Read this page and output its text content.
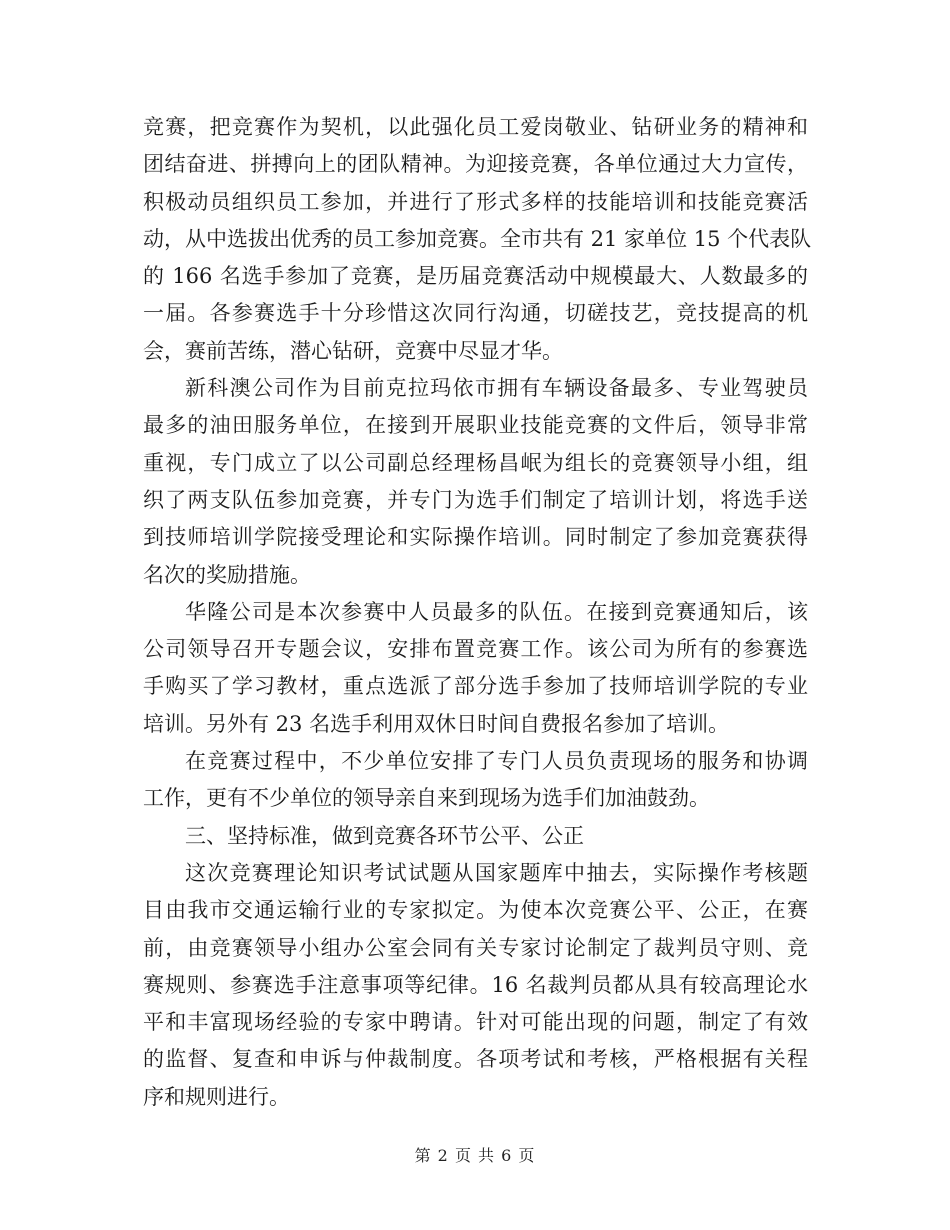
竞赛，把竞赛作为契机，以此强化员工爱岗敬业、钻研业务的精神和
团结奋进、拼搏向上的团队精神。为迎接竞赛，各单位通过大力宣传，
积极动员组织员工参加，并进行了形式多样的技能培训和技能竞赛活
动，从中选拔出优秀的员工参加竞赛。全市共有 21 家单位 15 个代表队
的 166 名选手参加了竞赛，是历届竞赛活动中规模最大、人数最多的
一届。各参赛选手十分珍惜这次同行沟通，切磋技艺，竞技提高的机
会，赛前苦练，潜心钻研，竞赛中尽显才华。
新科澳公司作为目前克拉玛依市拥有车辆设备最多、专业驾驶员
最多的油田服务单位，在接到开展职业技能竞赛的文件后，领导非常
重视，专门成立了以公司副总经理杨昌岷为组长的竞赛领导小组，组
织了两支队伍参加竞赛，并专门为选手们制定了培训计划，将选手送
到技师培训学院接受理论和实际操作培训。同时制定了参加竞赛获得
名次的奖励措施。
华隆公司是本次参赛中人员最多的队伍。在接到竞赛通知后，该
公司领导召开专题会议，安排布置竞赛工作。该公司为所有的参赛选
手购买了学习教材，重点选派了部分选手参加了技师培训学院的专业
培训。另外有 23 名选手利用双休日时间自费报名参加了培训。
在竞赛过程中，不少单位安排了专门人员负责现场的服务和协调
工作，更有不少单位的领导亲自来到现场为选手们加油鼓劲。
三、坚持标准，做到竞赛各环节公平、公正
这次竞赛理论知识考试试题从国家题库中抽去，实际操作考核题
目由我市交通运输行业的专家拟定。为使本次竞赛公平、公正，在赛
前，由竞赛领导小组办公室会同有关专家讨论制定了裁判员守则、竞
赛规则、参赛选手注意事项等纪律。16 名裁判员都从具有较高理论水
平和丰富现场经验的专家中聘请。针对可能出现的问题，制定了有效
的监督、复查和申诉与仲裁制度。各项考试和考核，严格根据有关程
序和规则进行。
第 2 页 共 6 页
